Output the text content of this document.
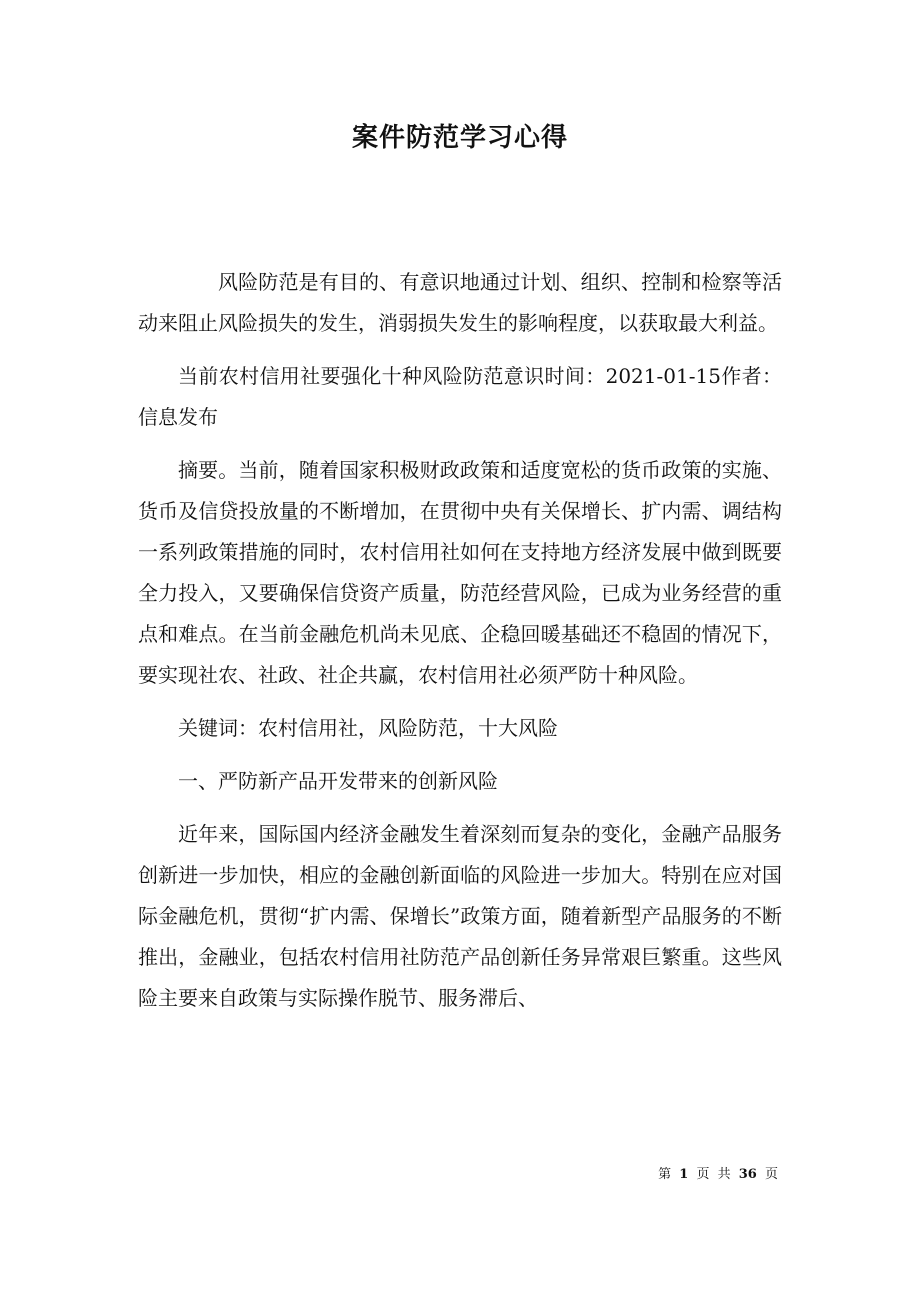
案件防范学习心得

风险防范是有目的、有意识地通过计划、组织、控制和检察等活动来阻止风险损失的发生，消弱损失发生的影响程度，以获取最大利益。

当前农村信用社要强化十种风险防范意识时间：2021-01-15作者：信息发布

摘要。当前，随着国家积极财政政策和适度宽松的货币政策的实施、货币及信贷投放量的不断增加，在贯彻中央有关保增长、扩内需、调结构一系列政策措施的同时，农村信用社如何在支持地方经济发展中做到既要全力投入，又要确保信贷资产质量，防范经营风险，已成为业务经营的重点和难点。在当前金融危机尚未见底、企稳回暖基础还不稳固的情况下，要实现社农、社政、社企共赢，农村信用社必须严防十种风险。

关键词：农村信用社，风险防范，十大风险

一、严防新产品开发带来的创新风险

近年来，国际国内经济金融发生着深刻而复杂的变化，金融产品服务创新进一步加快，相应的金融创新面临的风险进一步加大。特别在应对国际金融危机，贯彻“扩内需、保增长”政策方面，随着新型产品服务的不断推出，金融业，包括农村信用社防范产品创新任务异常艰巨繁重。这些风险主要来自政策与实际操作脱节、服务滞后、

第 1 页 共 36 页
